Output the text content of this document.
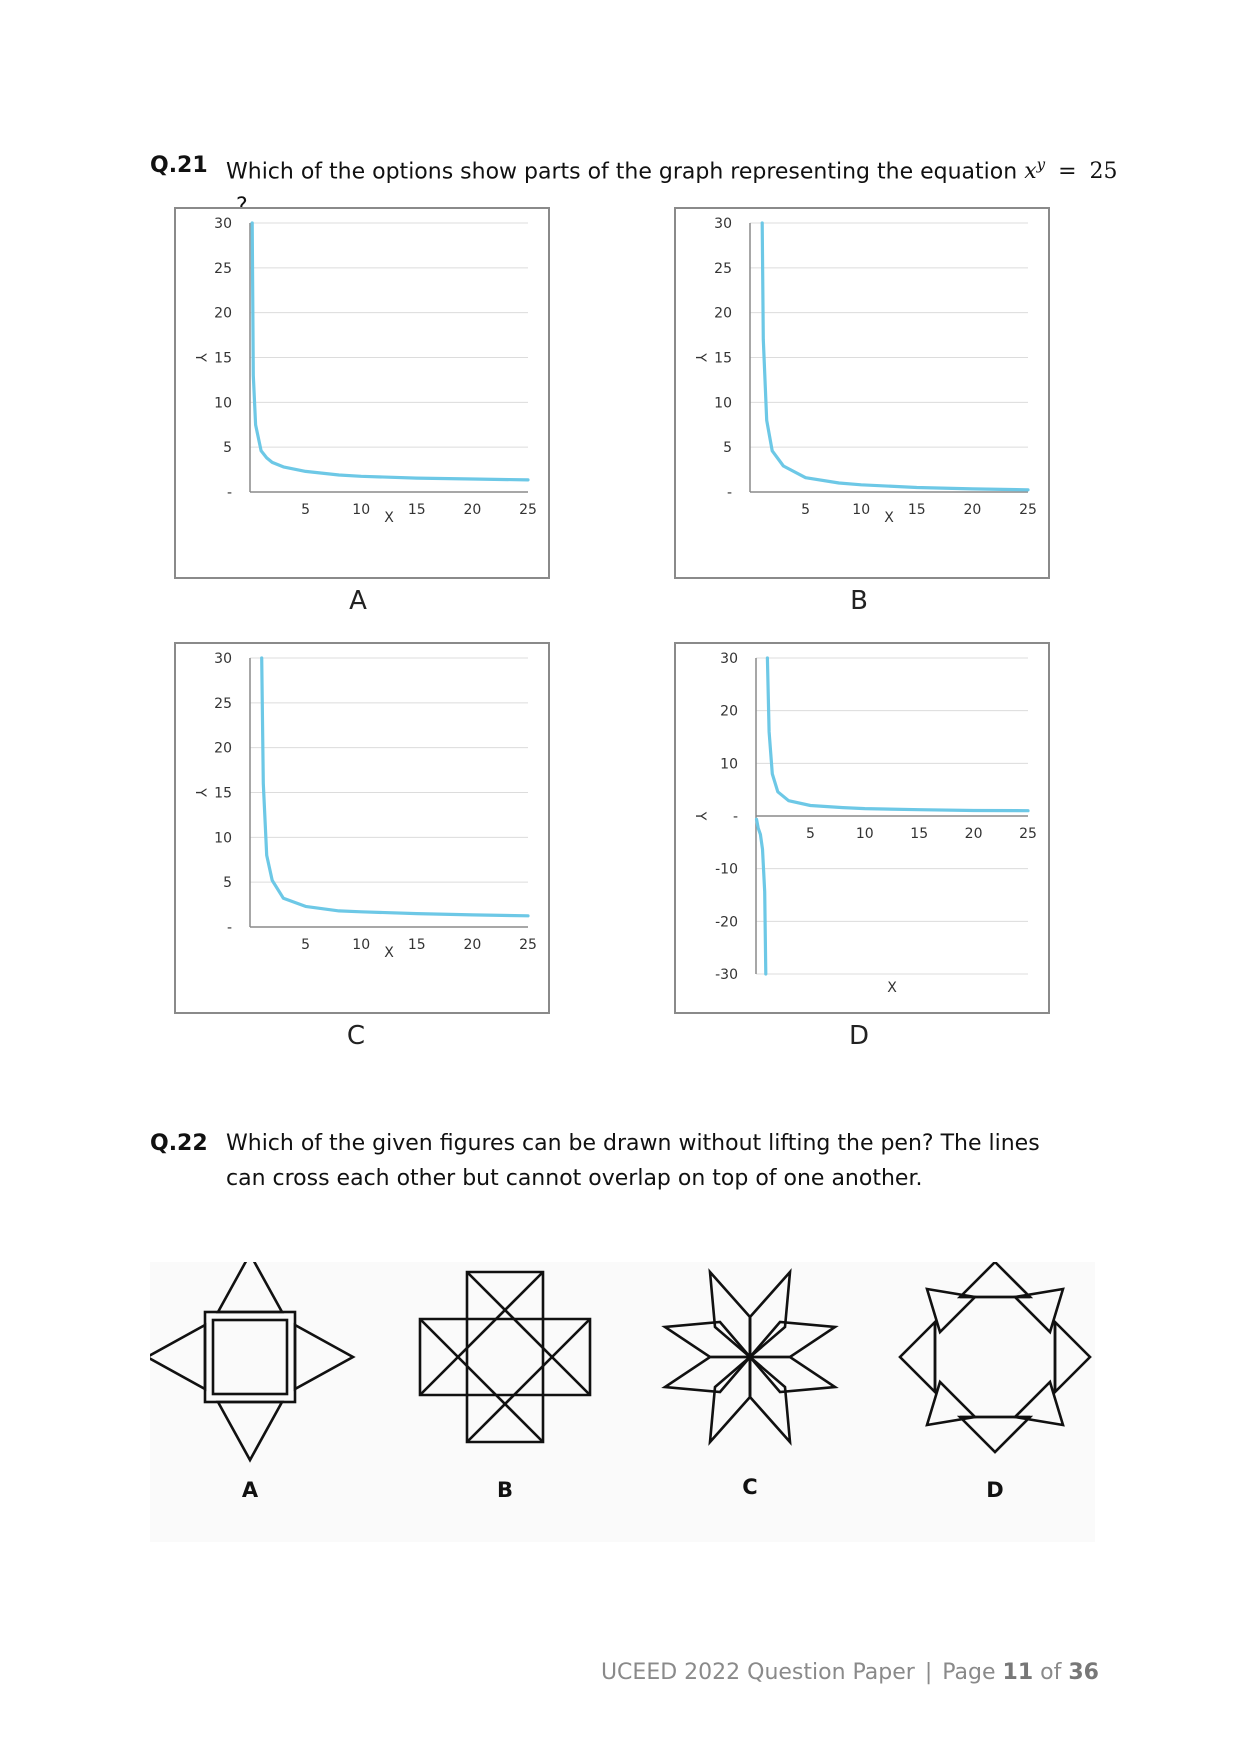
Q.21 Which of the options show parts of the graph representing the equation $x^y = 25$
-
5
10
15
20
25
30
5	10	15	20	25
X
Y
-
5
10
15
20
25
30
5	10	15	20	25
X
Y
-
5
10
15
20
25
30
5	10	15	20	25
X
Y
-30
-20
-10
-
10
20
30
5	10	15	20	25
X
Y
A	B
C	D
Q.22 Which of the given figures can be drawn without lifting the pen? The lines can cross each other but cannot overlap on top of one another.
A	B	C	D
UCEED 2022 Question Paper | Page 11 of 36
